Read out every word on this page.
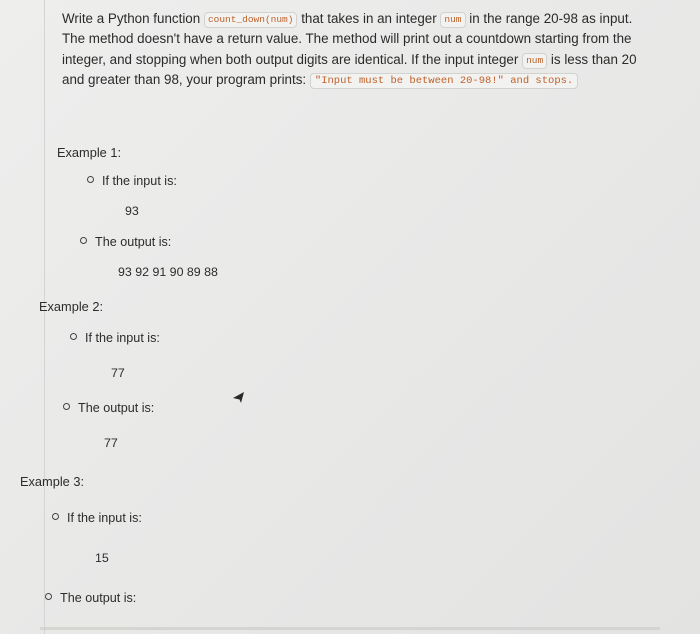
Write a Python function count_down(num) that takes in an integer num in the range 20-98 as input. The method doesn't have a return value. The method will print out a countdown starting from the integer, and stopping when both output digits are identical. If the input integer num is less than 20 and greater than 98, your program prints: "Input must be between 20-98!" and stops.
Example 1:
If the input is:
93
The output is:
93 92 91 90 89 88
Example 2:
If the input is:
77
The output is:
77
Example 3:
If the input is:
15
The output is:
